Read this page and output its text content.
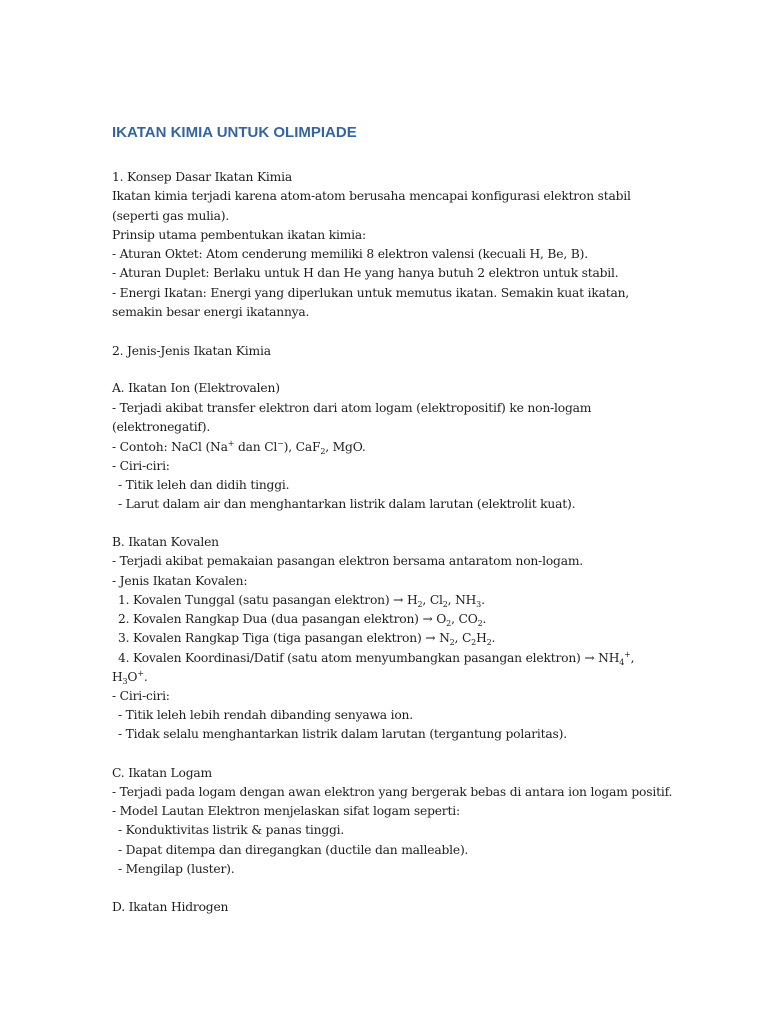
IKATAN KIMIA UNTUK OLIMPIADE
1. Konsep Dasar Ikatan Kimia
Ikatan kimia terjadi karena atom-atom berusaha mencapai konfigurasi elektron stabil
(seperti gas mulia).
Prinsip utama pembentukan ikatan kimia:
- Aturan Oktet: Atom cenderung memiliki 8 elektron valensi (kecuali H, Be, B).
- Aturan Duplet: Berlaku untuk H dan He yang hanya butuh 2 elektron untuk stabil.
- Energi Ikatan: Energi yang diperlukan untuk memutus ikatan. Semakin kuat ikatan,
semakin besar energi ikatannya.
2. Jenis-Jenis Ikatan Kimia
A. Ikatan Ion (Elektrovalen)
- Terjadi akibat transfer elektron dari atom logam (elektropositif) ke non-logam
(elektronegatif).
- Contoh: NaCl (Na+ dan Cl−), CaF$_2$, MgO.
- Ciri-ciri:
- Titik leleh dan didih tinggi.
- Larut dalam air dan menghantarkan listrik dalam larutan (elektrolit kuat).
B. Ikatan Kovalen
- Terjadi akibat pemakaian pasangan elektron bersama antaratom non-logam.
- Jenis Ikatan Kovalen:
1. Kovalen Tunggal (satu pasangan elektron) → $H_2$, $Cl_2$, $NH_3$.
2. Kovalen Rangkap Dua (dua pasangan elektron) → $O_2$, $CO_2$.
3. Kovalen Rangkap Tiga (tiga pasangan elektron) → $N_2$, $C_2H_2$.
4. Kovalen Koordinasi/Datif (satu atom menyumbangkan pasangan elektron) → $NH_4^+$,
$H_3O^+$.
- Ciri-ciri:
- Titik leleh lebih rendah dibanding senyawa ion.
- Tidak selalu menghantarkan listrik dalam larutan (tergantung polaritas).
C. Ikatan Logam
- Terjadi pada logam dengan awan elektron yang bergerak bebas di antara ion logam positif.
- Model Lautan Elektron menjelaskan sifat logam seperti:
- Konduktivitas listrik & panas tinggi.
- Dapat ditempa dan diregangkan (ductile dan malleable).
- Mengilap (luster).
D. Ikatan Hidrogen
